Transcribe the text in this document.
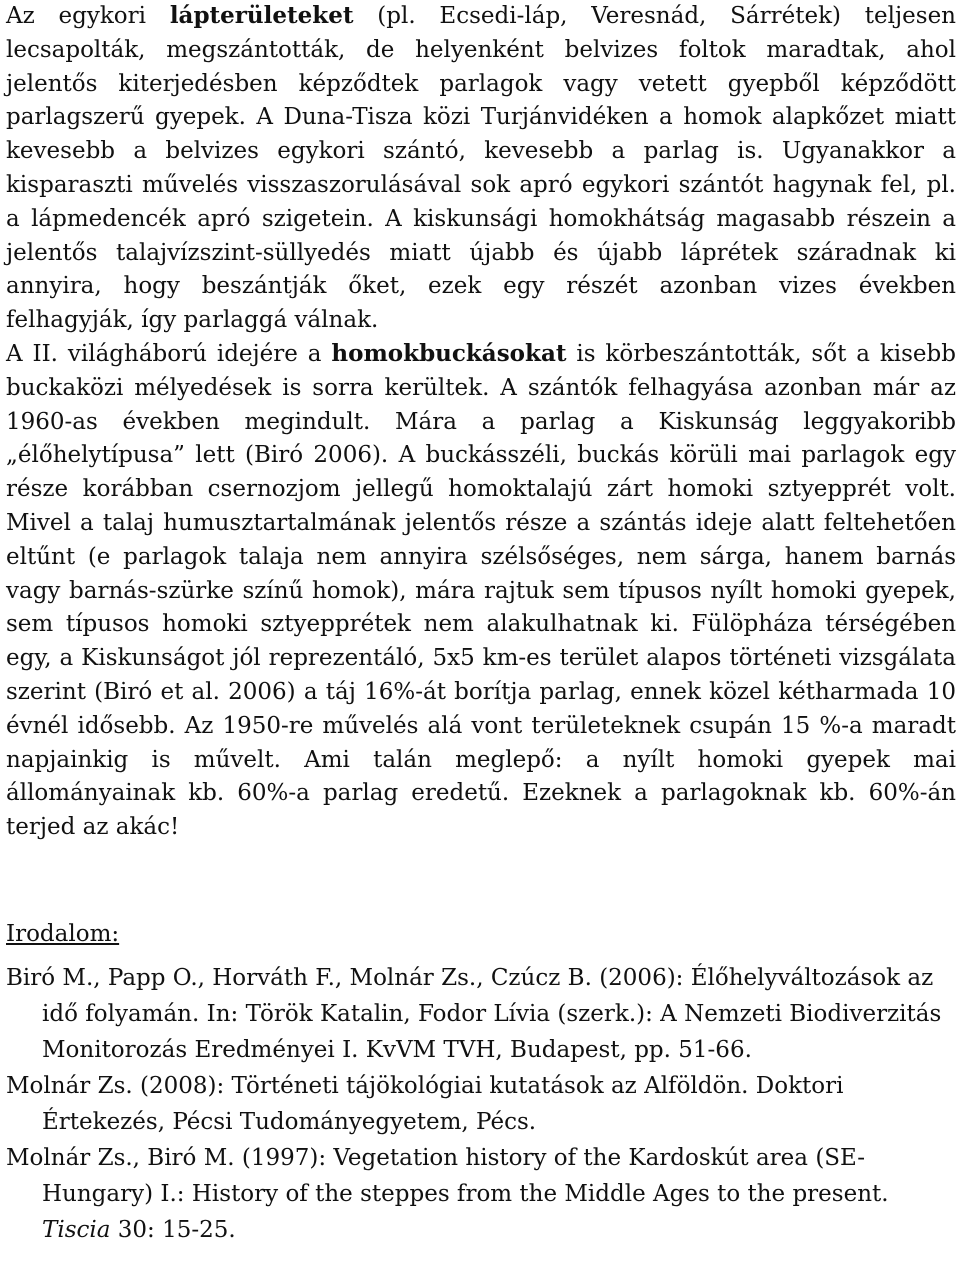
Az egykori lápterületeket (pl. Ecsedi-láp, Veresnád, Sárrétek) teljesen lecsapolták, megszántották, de helyenként belvizes foltok maradtak, ahol jelentős kiterjedésben képződtek parlagok vagy vetett gyepből képződött parlagszerű gyepek. A Duna-Tisza közi Turjánvidéken a homok alapkőzet miatt kevesebb a belvizes egykori szántó, kevesebb a parlag is. Ugyanakkor a kisparaszti művelés visszaszorulásával sok apró egykori szántót hagynak fel, pl. a lápmedencék apró szigetein. A kiskunsági homokhátság magasabb részein a jelentős talajvízszint-süllyedés miatt újabb és újabb láprétek száradnak ki annyira, hogy beszántják őket, ezek egy részét azonban vizes években felhagyják, így parlaggá válnak.
A II. világháború idejére a homokbuckásokat is körbeszántották, sőt a kisebb buckaközi mélyedések is sorra kerültek. A szántók felhagyása azonban már az 1960-as években megindult. Mára a parlag a Kiskunság leggyakoribb „élőhelytípusa” lett (Biró 2006). A buckásszéli, buckás körüli mai parlagok egy része korábban csernozjom jellegű homoktalajú zárt homoki sztyepprét volt. Mivel a talaj humusztartalmának jelentős része a szántás ideje alatt feltehetően eltűnt (e parlagok talaja nem annyira szélsőséges, nem sárga, hanem barnás vagy barnás-szürke színű homok), mára rajtuk sem típusos nyílt homoki gyepek, sem típusos homoki sztyepprétek nem alakulhatnak ki. Fülöpháza térségében egy, a Kiskunságot jól reprezentáló, 5x5 km-es terület alapos történeti vizsgálata szerint (Biró et al. 2006) a táj 16%-át borítja parlag, ennek közel kétharmada 10 évnél idősebb. Az 1950-re művelés alá vont területeknek csupán 15 %-a maradt napjainkig is művelt. Ami talán meglepő: a nyílt homoki gyepek mai állományainak kb. 60%-a parlag eredetű. Ezeknek a parlagoknak kb. 60%-án terjed az akác!

Irodalom:

Biró M., Papp O., Horváth F., Molnár Zs., Czúcz B. (2006): Élőhelyváltozások az idő folyamán. In: Török Katalin, Fodor Lívia (szerk.): A Nemzeti Biodiverzitás Monitorozás Eredményei I. KvVM TVH, Budapest, pp. 51-66.

Molnár Zs. (2008): Történeti tájökológiai kutatások az Alföldön. Doktori Értekezés, Pécsi Tudományegyetem, Pécs.

Molnár Zs., Biró M. (1997): Vegetation history of the Kardoskút area (SE-Hungary) I.: History of the steppes from the Middle Ages to the present. Tiscia 30: 15-25.
